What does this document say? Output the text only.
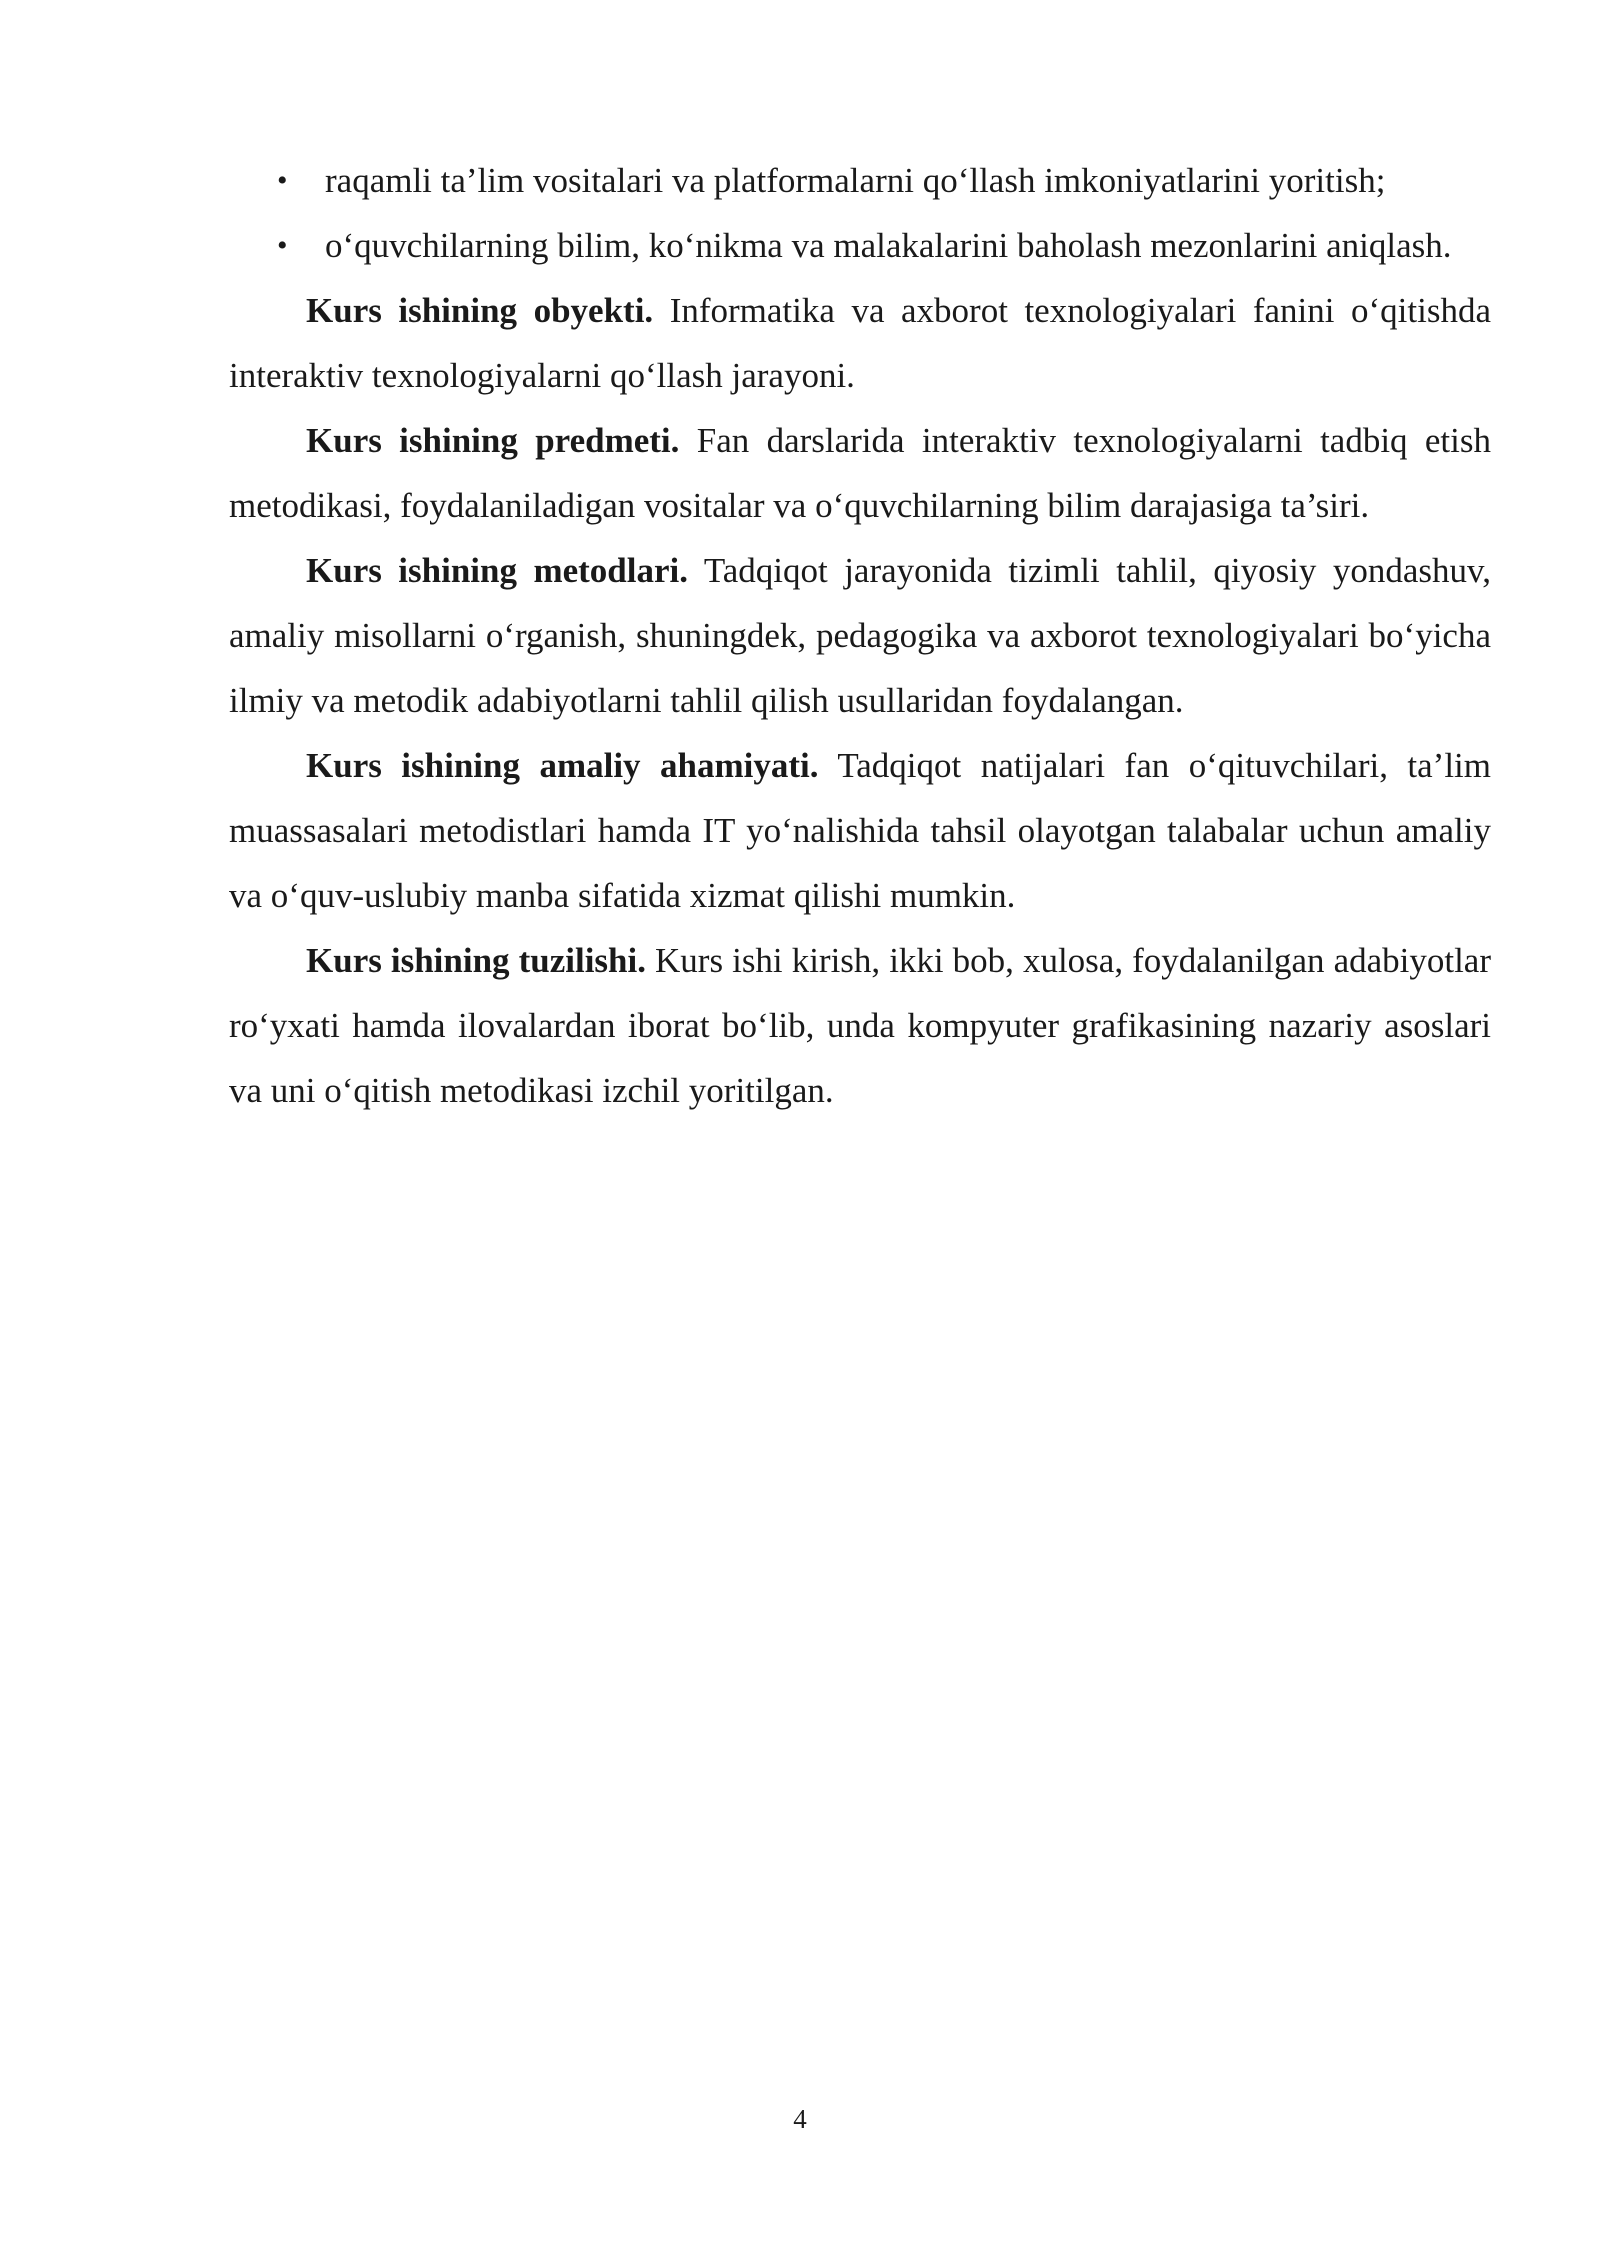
• raqamli ta’lim vositalari va platformalarni qo‘llash imkoniyatlarini yoritish;
• o‘quvchilarning bilim, ko‘nikma va malakalarini baholash mezonlarini aniqlash.

Kurs ishining obyekti. Informatika va axborot texnologiyalari fanini o‘qitishda interaktiv texnologiyalarni qo‘llash jarayoni.

Kurs ishining predmeti. Fan darslarida interaktiv texnologiyalarni tadbiq etish metodikasi, foydalaniladigan vositalar va o‘quvchilarning bilim darajasiga ta’siri.

Kurs ishining metodlari. Tadqiqot jarayonida tizimli tahlil, qiyosiy yondashuv, amaliy misollarni o‘rganish, shuningdek, pedagogika va axborot texnologiyalari bo‘yicha ilmiy va metodik adabiyotlarni tahlil qilish usullaridan foydalangan.

Kurs ishining amaliy ahamiyati. Tadqiqot natijalari fan o‘qituvchilari, ta’lim muassasalari metodistlari hamda IT yo‘nalishida tahsil olayotgan talabalar uchun amaliy va o‘quv-uslubiy manba sifatida xizmat qilishi mumkin.

Kurs ishining tuzilishi. Kurs ishi kirish, ikki bob, xulosa, foydalanilgan adabiyotlar ro‘yxati hamda ilovalardan iborat bo‘lib, unda kompyuter grafikasining nazariy asoslari va uni o‘qitish metodikasi izchil yoritilgan.

4
